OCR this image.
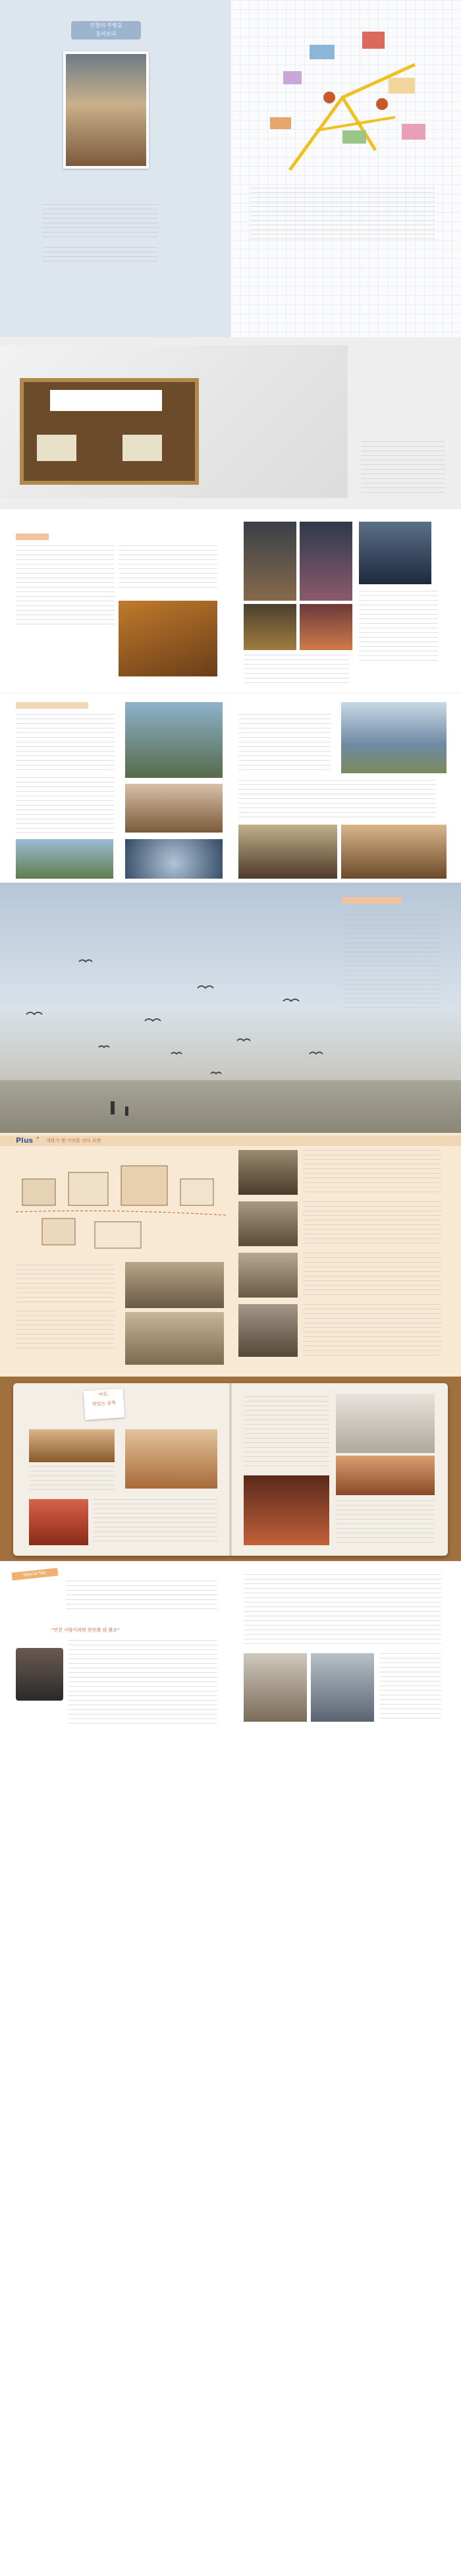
인천의 부평을
둘러보다
Plus + 개화기 옛 거리를 걷다 보면
이곳,
맛있는 골목
Special Talk
"인천 사람이라면 한번쯤 와 봤죠"
